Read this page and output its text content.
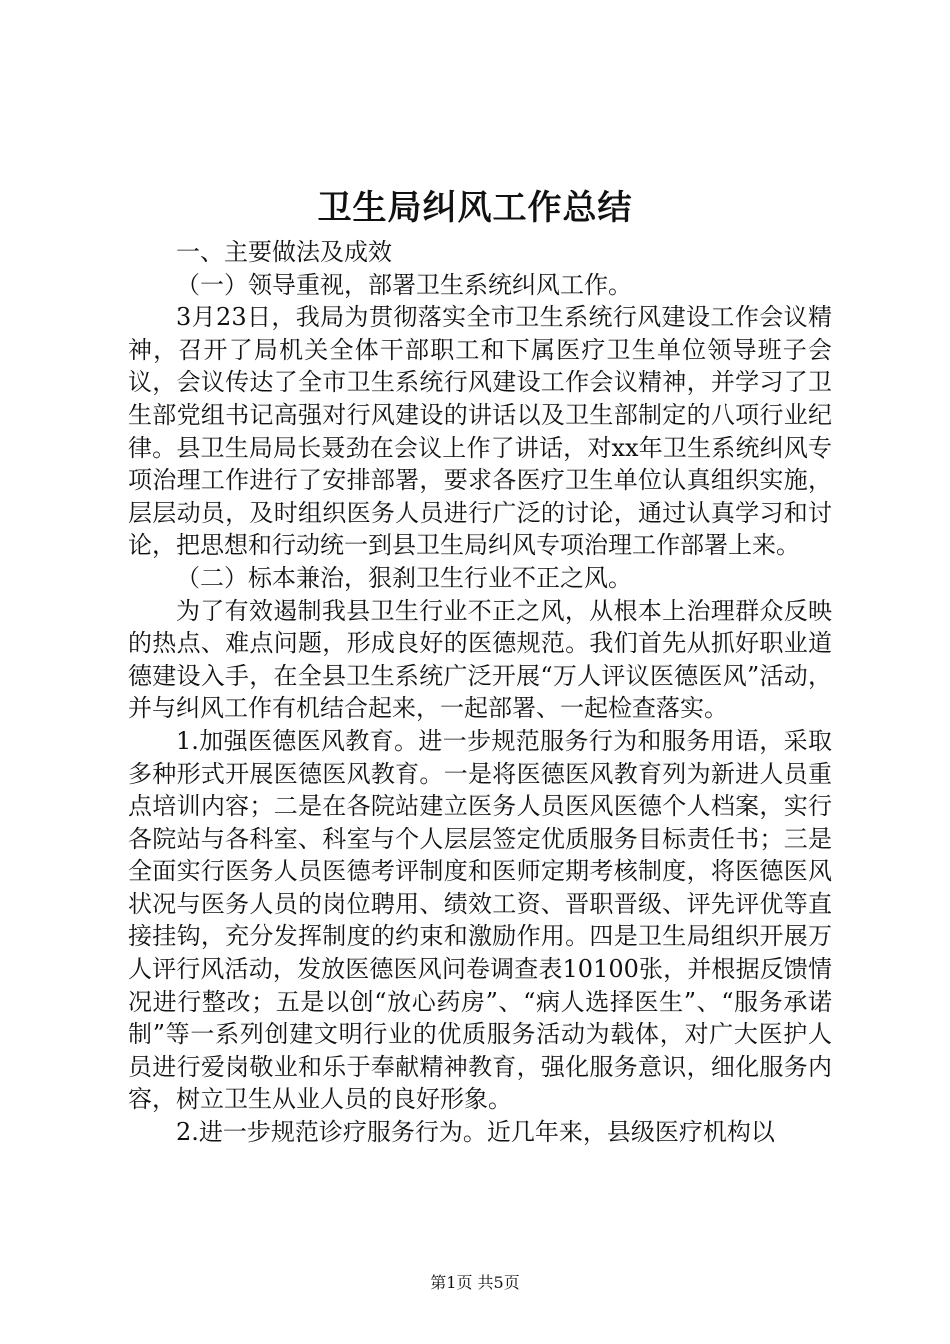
卫生局纠风工作总结

一、主要做法及成效

（一）领导重视，部署卫生系统纠风工作。

3月23日，我局为贯彻落实全市卫生系统行风建设工作会议精神，召开了局机关全体干部职工和下属医疗卫生单位领导班子会议，会议传达了全市卫生系统行风建设工作会议精神，并学习了卫生部党组书记高强对行风建设的讲话以及卫生部制定的八项行业纪律。县卫生局局长聂劲在会议上作了讲话，对xx年卫生系统纠风专项治理工作进行了安排部署，要求各医疗卫生单位认真组织实施，层层动员，及时组织医务人员进行广泛的讨论，通过认真学习和讨论，把思想和行动统一到县卫生局纠风专项治理工作部署上来。

（二）标本兼治，狠刹卫生行业不正之风。

为了有效遏制我县卫生行业不正之风，从根本上治理群众反映的热点、难点问题，形成良好的医德规范。我们首先从抓好职业道德建设入手，在全县卫生系统广泛开展“万人评议医德医风”活动，并与纠风工作有机结合起来，一起部署、一起检查落实。

1.加强医德医风教育。进一步规范服务行为和服务用语，采取多种形式开展医德医风教育。一是将医德医风教育列为新进人员重点培训内容；二是在各院站建立医务人员医风医德个人档案，实行各院站与各科室、科室与个人层层签定优质服务目标责任书；三是全面实行医务人员医德考评制度和医师定期考核制度，将医德医风状况与医务人员的岗位聘用、绩效工资、晋职晋级、评先评优等直接挂钩，充分发挥制度的约束和激励作用。四是卫生局组织开展万人评行风活动，发放医德医风问卷调查表10100张，并根据反馈情况进行整改；五是以创“放心药房”、“病人选择医生”、“服务承诺制”等一系列创建文明行业的优质服务活动为载体，对广大医护人员进行爱岗敬业和乐于奉献精神教育，强化服务意识，细化服务内容，树立卫生从业人员的良好形象。

2.进一步规范诊疗服务行为。近几年来，县级医疗机构以

第1页 共5页
